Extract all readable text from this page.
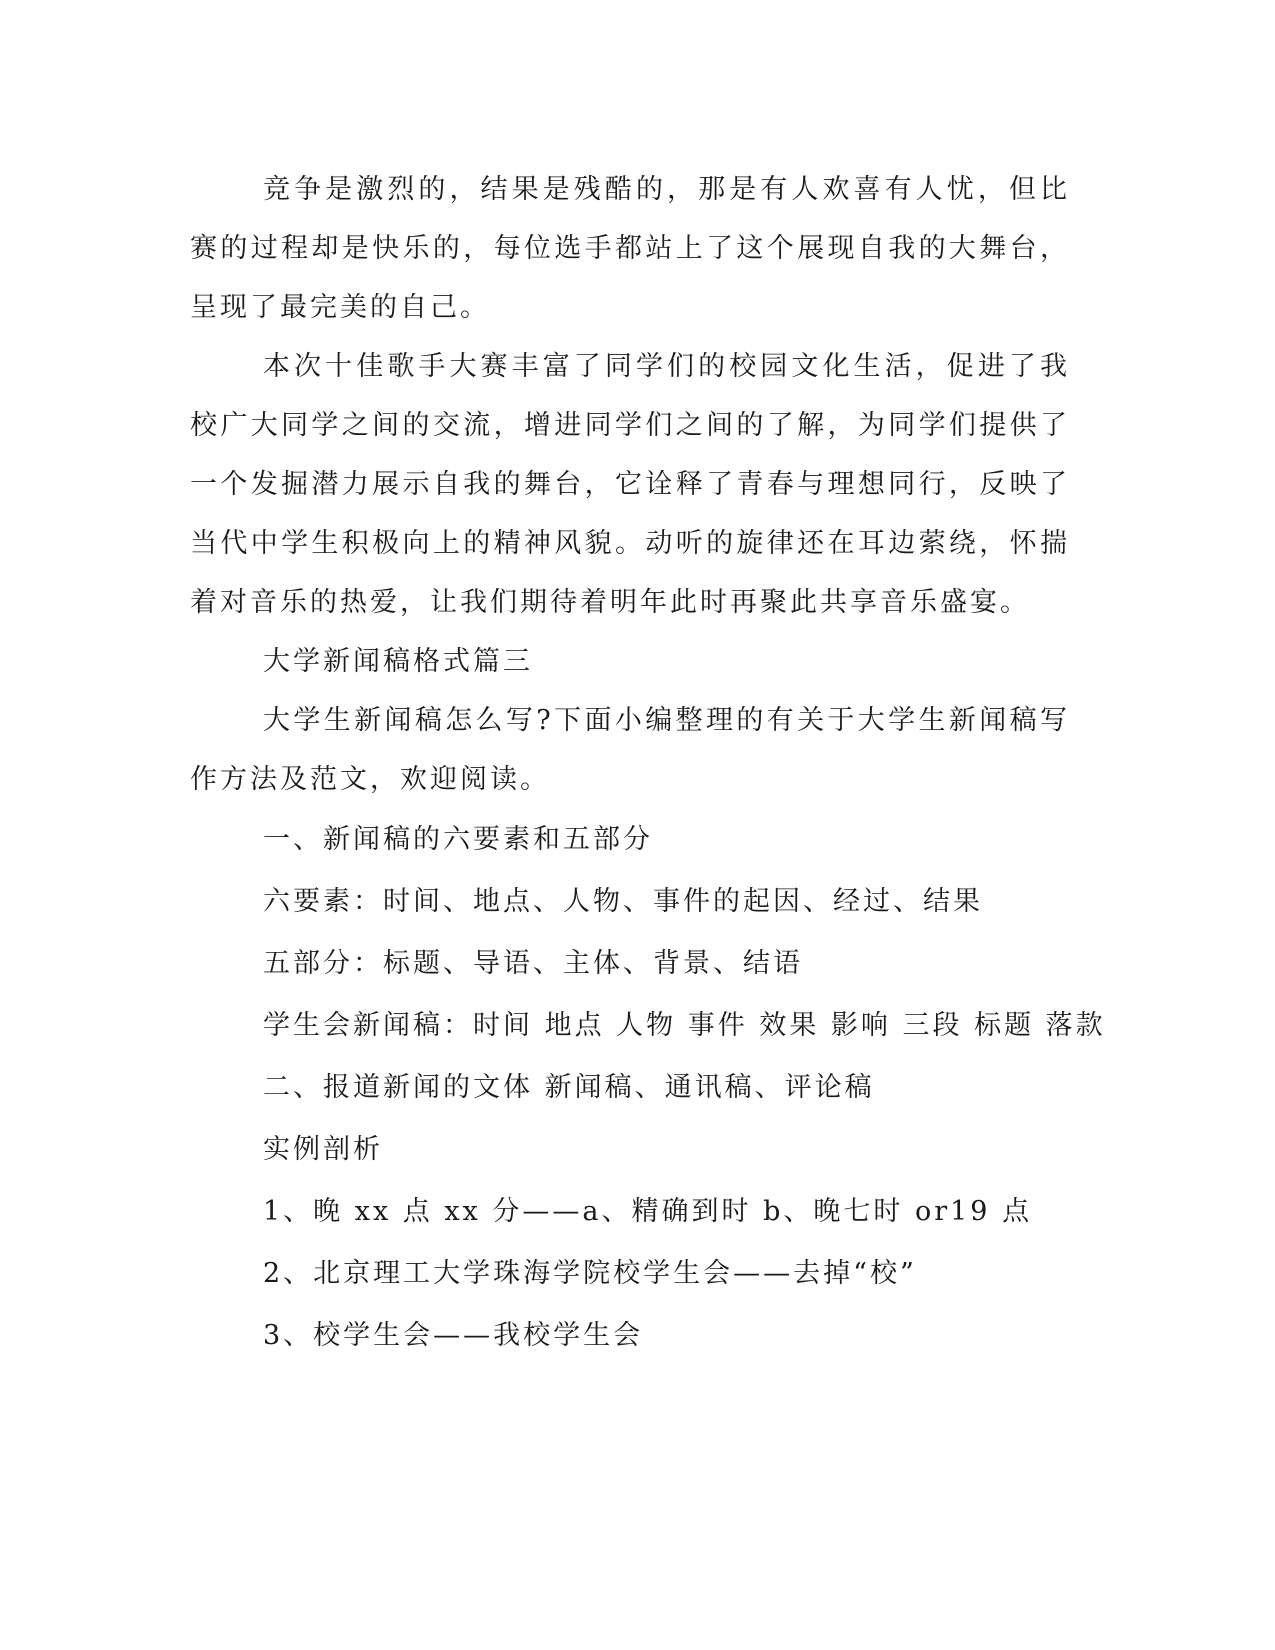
竞争是激烈的，结果是残酷的，那是有人欢喜有人忧，但比赛的过程却是快乐的，每位选手都站上了这个展现自我的大舞台，呈现了最完美的自己。

本次十佳歌手大赛丰富了同学们的校园文化生活，促进了我校广大同学之间的交流，增进同学们之间的了解，为同学们提供了一个发掘潜力展示自我的舞台，它诠释了青春与理想同行，反映了当代中学生积极向上的精神风貌。动听的旋律还在耳边萦绕，怀揣着对音乐的热爱，让我们期待着明年此时再聚此共享音乐盛宴。

大学新闻稿格式篇三

大学生新闻稿怎么写?下面小编整理的有关于大学生新闻稿写作方法及范文，欢迎阅读。

一、新闻稿的六要素和五部分

六要素：时间、地点、人物、事件的起因、经过、结果

五部分：标题、导语、主体、背景、结语

学生会新闻稿：时间 地点 人物 事件 效果 影响 三段 标题 落款

二、报道新闻的文体 新闻稿、通讯稿、评论稿

实例剖析

1、晚 xx 点 xx 分——a、精确到时 b、晚七时 or19 点

2、北京理工大学珠海学院校学生会——去掉“校”

3、校学生会——我校学生会
